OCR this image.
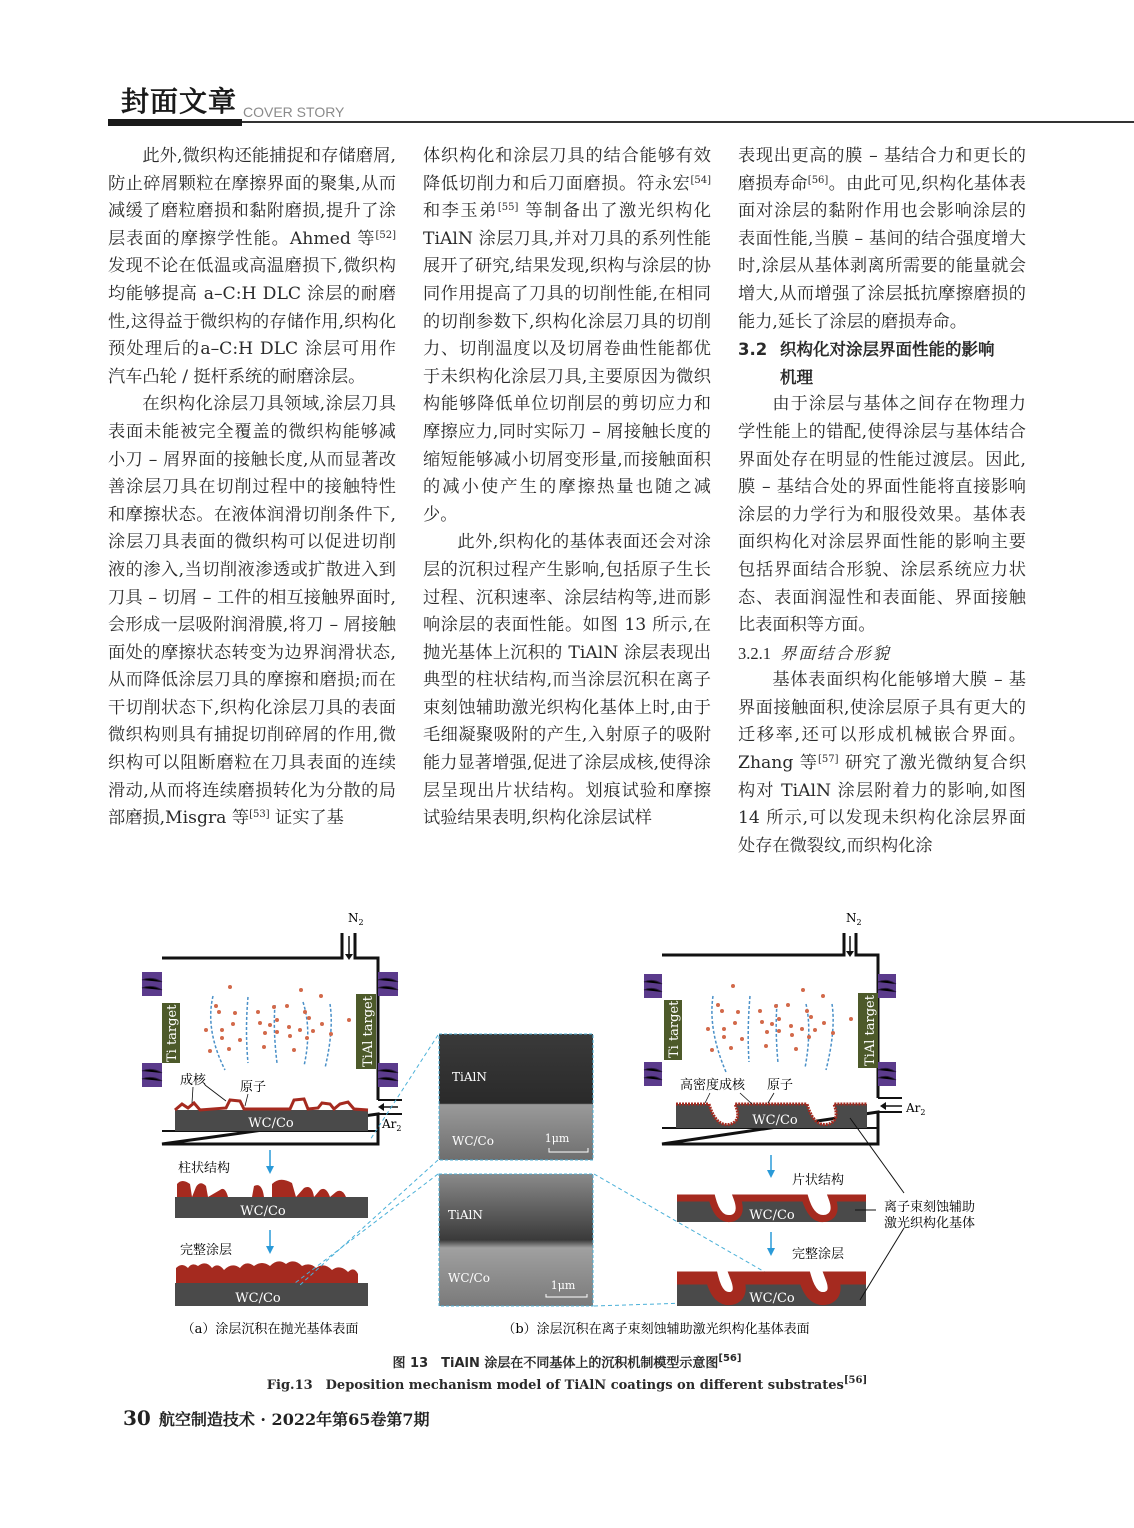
封面文章 COVER STORY

此外,微织构还能捕捉和存储磨屑,防止碎屑颗粒在摩擦界面的聚集,从而减缓了磨粒磨损和黏附磨损,提升了涂层表面的摩擦学性能。Ahmed 等[52] 发现不论在低温或高温磨损下,微织构均能够提高 a–C:H DLC 涂层的耐磨性,这得益于微织构的存储作用,织构化预处理后的a–C:H DLC 涂层可用作汽车凸轮 / 挺杆系统的耐磨涂层。

在织构化涂层刀具领域,涂层刀具表面未能被完全覆盖的微织构能够减小刀 – 屑界面的接触长度,从而显著改善涂层刀具在切削过程中的接触特性和摩擦状态。在液体润滑切削条件下,涂层刀具表面的微织构可以促进切削液的渗入,当切削液渗透或扩散进入到刀具 – 切屑 – 工件的相互接触界面时,会形成一层吸附润滑膜,将刀 – 屑接触面处的摩擦状态转变为边界润滑状态,从而降低涂层刀具的摩擦和磨损;而在干切削状态下,织构化涂层刀具的表面微织构则具有捕捉切削碎屑的作用,微织构可以阻断磨粒在刀具表面的连续滑动,从而将连续磨损转化为分散的局部磨损,Misgra 等[53] 证实了基

体织构化和涂层刀具的结合能够有效降低切削力和后刀面磨损。符永宏[54] 和李玉弟[55] 等制备出了激光织构化 TiAlN 涂层刀具,并对刀具的系列性能展开了研究,结果发现,织构与涂层的协同作用提高了刀具的切削性能,在相同的切削参数下,织构化涂层刀具的切削力、切削温度以及切屑卷曲性能都优于未织构化涂层刀具,主要原因为微织构能够降低单位切削层的剪切应力和摩擦应力,同时实际刀 – 屑接触长度的缩短能够减小切屑变形量,而接触面积的减小使产生的摩擦热量也随之减少。

此外,织构化的基体表面还会对涂层的沉积过程产生影响,包括原子生长过程、沉积速率、涂层结构等,进而影响涂层的表面性能。如图 13 所示,在抛光基体上沉积的 TiAlN 涂层表现出典型的柱状结构,而当涂层沉积在离子束刻蚀辅助激光织构化基体上时,由于毛细凝聚吸附的产生,入射原子的吸附能力显著增强,促进了涂层成核,使得涂层呈现出片状结构。划痕试验和摩擦试验结果表明,织构化涂层试样

表现出更高的膜 – 基结合力和更长的磨损寿命[56]。由此可见,织构化基体表面对涂层的黏附作用也会影响涂层的表面性能,当膜 – 基间的结合强度增大时,涂层从基体剥离所需要的能量就会增大,从而增强了涂层抵抗摩擦磨损的能力,延长了涂层的磨损寿命。

3.2 织构化对涂层界面性能的影响
机理

由于涂层与基体之间存在物理力学性能上的错配,使得涂层与基体结合界面处存在明显的性能过渡层。因此,膜 – 基结合处的界面性能将直接影响涂层的力学行为和服役效果。基体表面织构化对涂层界面性能的影响主要包括界面结合形貌、涂层系统应力状态、表面润湿性和表面能、界面接触比表面积等方面。

3.2.1 界面结合形貌

基体表面织构化能够增大膜 – 基界面接触面积,使涂层原子具有更大的迁移率,还可以形成机械嵌合界面。Zhang 等[57] 研究了激光微纳复合织构对 TiAlN 涂层附着力的影响,如图 14 所示,可以发现未织构化涂层界面处存在微裂纹,而织构化涂

Ti target	TiAl target
WC/Co
成核	原子
$N_2$
$Ar_2$
柱状结构
WC/Co
完整涂层
WC/Co
（a）涂层沉积在抛光基体表面
TiAlN
WC/Co	1μm
TiAlN
WC/Co
1μm
Ti target	TiAl target
WC/Co
高密度成核 原子
$N_2$
$Ar_2$
片状结构
WC/Co
完整涂层
WC/Co
离子束刻蚀辅助
激光织构化基体
（b）涂层沉积在离子束刻蚀辅助激光织构化基体表面
图 13　TiAlN 涂层在不同基体上的沉积机制模型示意图[56]
Fig.13　Deposition mechanism model of TiAlN coatings on different substrates[56]
30 航空制造技术 · 2022年第65卷第7期
